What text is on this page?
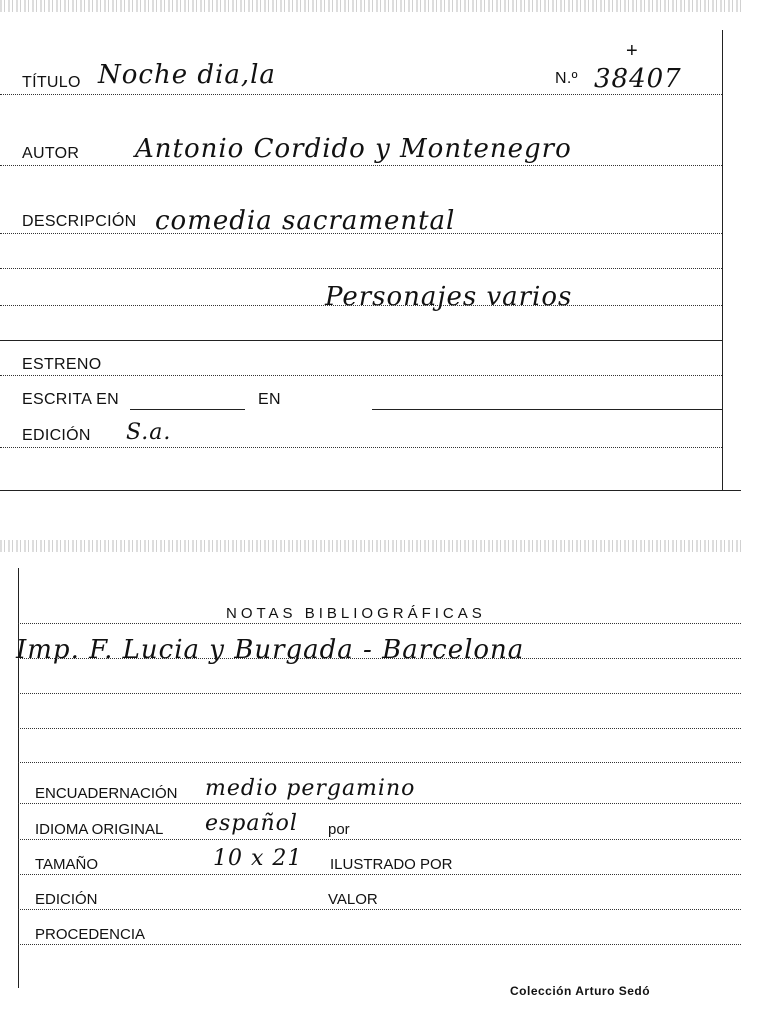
TÍTULO Noche dia,la	N.º 38407
+
AUTOR Antonio Cordido y Montenegro
DESCRIPCIÓN comedia sacramental
Personajes varios
ESTRENO
ESCRITA EN	EN
EDICIÓN S.a.
NOTAS BIBLIOGRÁFICAS
Imp. F. Lucia y Burgada - Barcelona
ENCUADERNACIÓN medio pergamino
IDIOMA ORIGINAL español por
TAMAÑO	10 x 21 ILUSTRADO POR
EDICIÓN	VALOR
PROCEDENCIA
Colección Arturo Sedó
